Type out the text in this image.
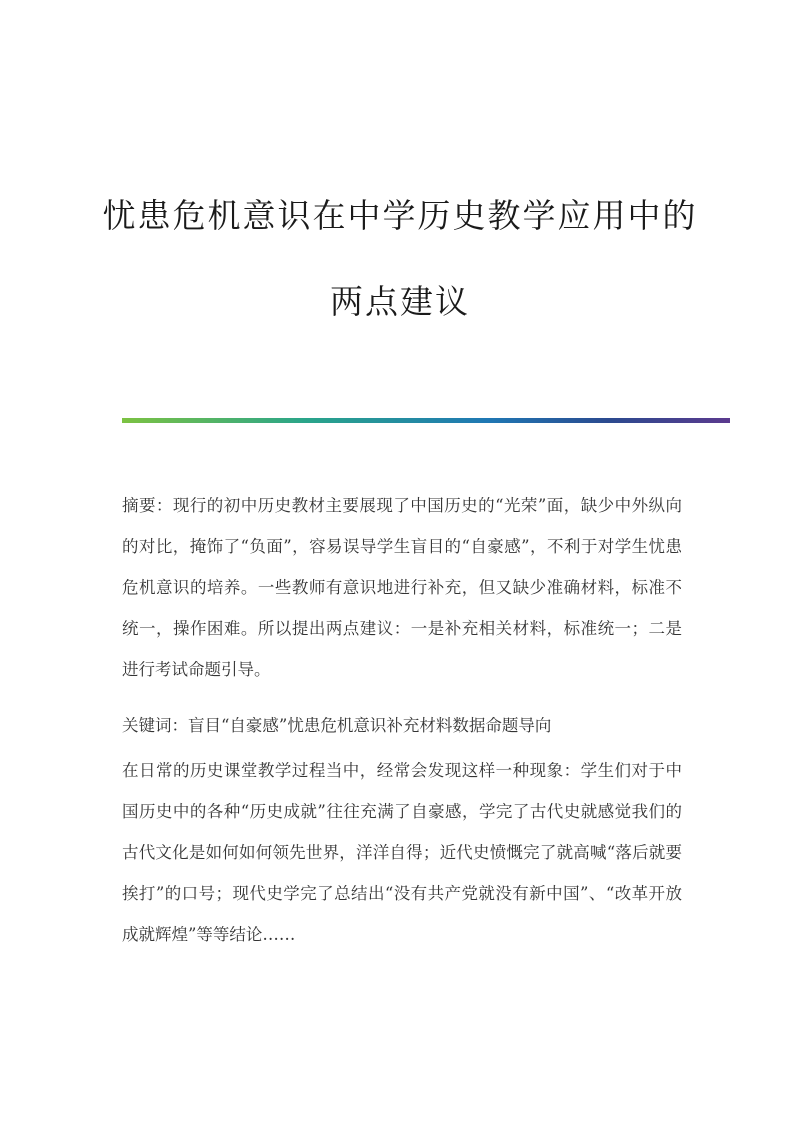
忧患危机意识在中学历史教学应用中的
两点建议
摘要：现行的初中历史教材主要展现了中国历史的“光荣”面，缺少中外纵向的对比，掩饰了“负面”，容易误导学生盲目的“自豪感”，不利于对学生忧患危机意识的培养。一些教师有意识地进行补充，但又缺少准确材料，标准不统一，操作困难。所以提出两点建议：一是补充相关材料，标准统一；二是进行考试命题引导。
关键词：盲目“自豪感”忧患危机意识补充材料数据命题导向
在日常的历史课堂教学过程当中，经常会发现这样一种现象：学生们对于中国历史中的各种“历史成就”往往充满了自豪感，学完了古代史就感觉我们的古代文化是如何如何领先世界，洋洋自得；近代史愤慨完了就高喊“落后就要挨打”的口号；现代史学完了总结出“没有共产党就没有新中国”、“改革开放成就辉煌”等等结论……
